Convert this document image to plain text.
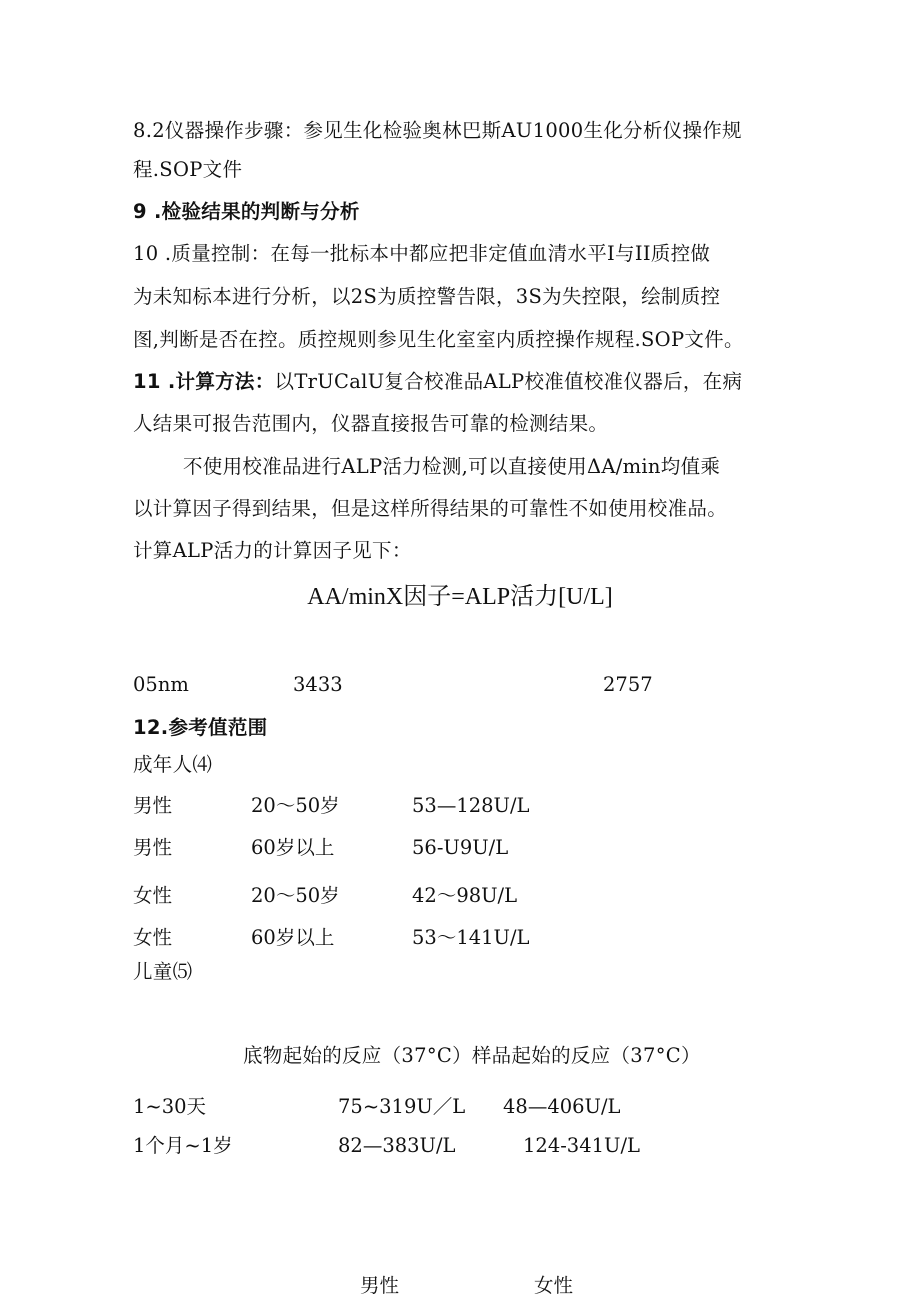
8.2仪器操作步骤：参见生化检验奥林巴斯AU1000生化分析仪操作规
程.SOP文件
9 .检验结果的判断与分析
10 .质量控制：在每一批标本中都应把非定值血清水平Ⅰ与II质控做
为未知标本进行分析，以2S为质控警告限，3S为失控限，绘制质控
图,判断是否在控。质控规则参见生化室室内质控操作规程.SOP文件。
11 .计算方法：以TrUCalU复合校准品ALP校准值校准仪器后，在病
人结果可报告范围内，仪器直接报告可靠的检测结果。
不使用校准品进行ALP活力检测,可以直接使用ΔA/min均值乘
以计算因子得到结果，但是这样所得结果的可靠性不如使用校准品。
计算ALP活力的计算因子见下：
AA/minX因子=ALP活力[U/L]
05nm	3433	2757
12.参考值范围
成年人⑷
男性	20～50岁	53—128U/L
男性	60岁以上	56-U9U/L
女性	20～50岁	42～98U/L
女性	60岁以上	53～141U/L
儿童⑸
底物起始的反应（37°C）样品起始的反应（37°C）
1~30天	75~319U／L 48—406U/L
1个月~1岁	82—383U/L	124-341U/L
男性	女性
